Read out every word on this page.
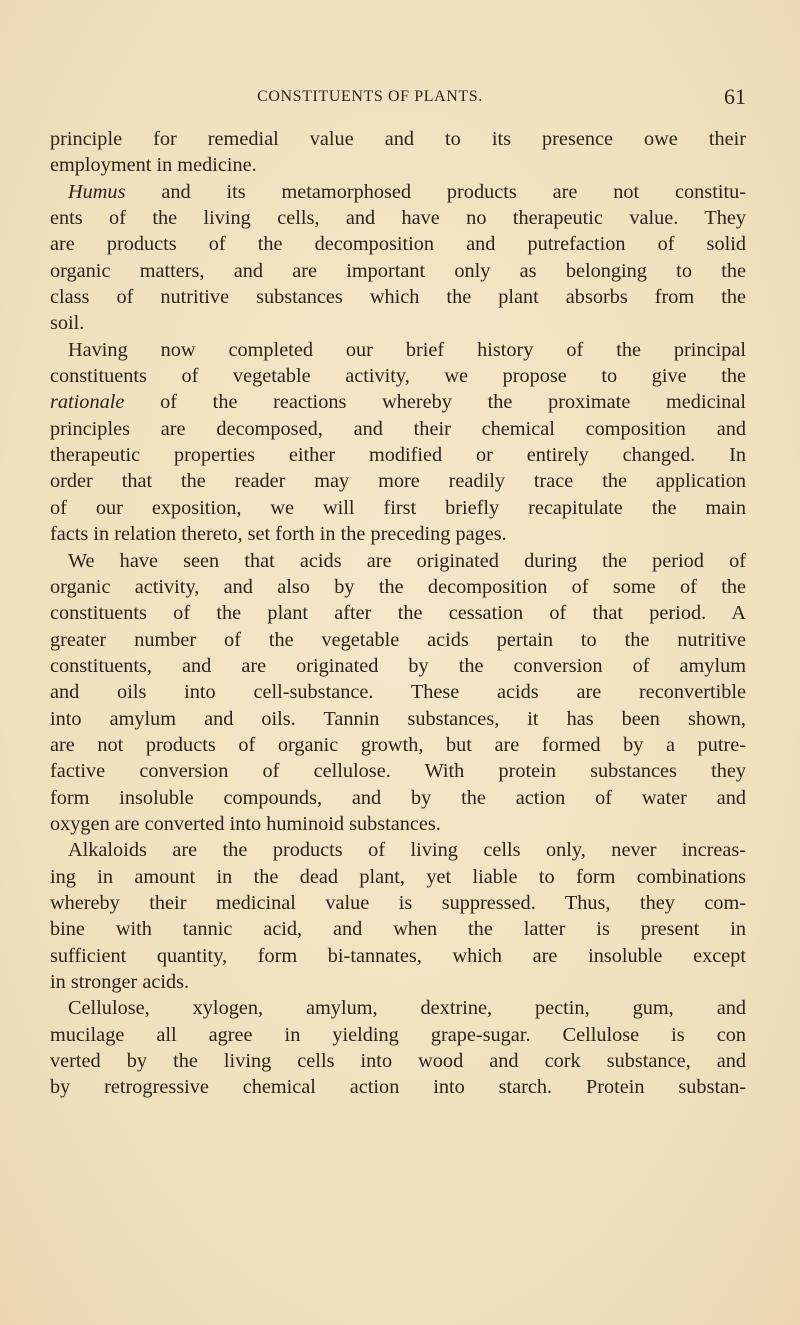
CONSTITUENTS OF PLANTS.	61
principle for remedial value and to its presence owe their
employment in medicine.
Humus and its metamorphosed products are not constitu-
ents of the living cells, and have no therapeutic value. They
are products of the decomposition and putrefaction of solid
organic matters, and are important only as belonging to the
class of nutritive substances which the plant absorbs from the
soil.
Having now completed our brief history of the principal
constituents of vegetable activity, we propose to give the
rationale of the reactions whereby the proximate medicinal
principles are decomposed, and their chemical composition and
therapeutic properties either modified or entirely changed. In
order that the reader may more readily trace the application
of our exposition, we will first briefly recapitulate the main
facts in relation thereto, set forth in the preceding pages.
We have seen that acids are originated during the period of
organic activity, and also by the decomposition of some of the
constituents of the plant after the cessation of that period. A
greater number of the vegetable acids pertain to the nutritive
constituents, and are originated by the conversion of amylum
and oils into cell-substance. These acids are reconvertible
into amylum and oils. Tannin substances, it has been shown,
are not products of organic growth, but are formed by a putre-
factive conversion of cellulose. With protein substances they
form insoluble compounds, and by the action of water and
oxygen are converted into huminoid substances.
Alkaloids are the products of living cells only, never increas-
ing in amount in the dead plant, yet liable to form combinations
whereby their medicinal value is suppressed. Thus, they com-
bine with tannic acid, and when the latter is present in
sufficient quantity, form bi-tannates, which are insoluble except
in stronger acids.
Cellulose, xylogen, amylum, dextrine, pectin, gum, and
mucilage all agree in yielding grape-sugar. Cellulose is con
verted by the living cells into wood and cork substance, and
by retrogressive chemical action into starch. Protein substan-
